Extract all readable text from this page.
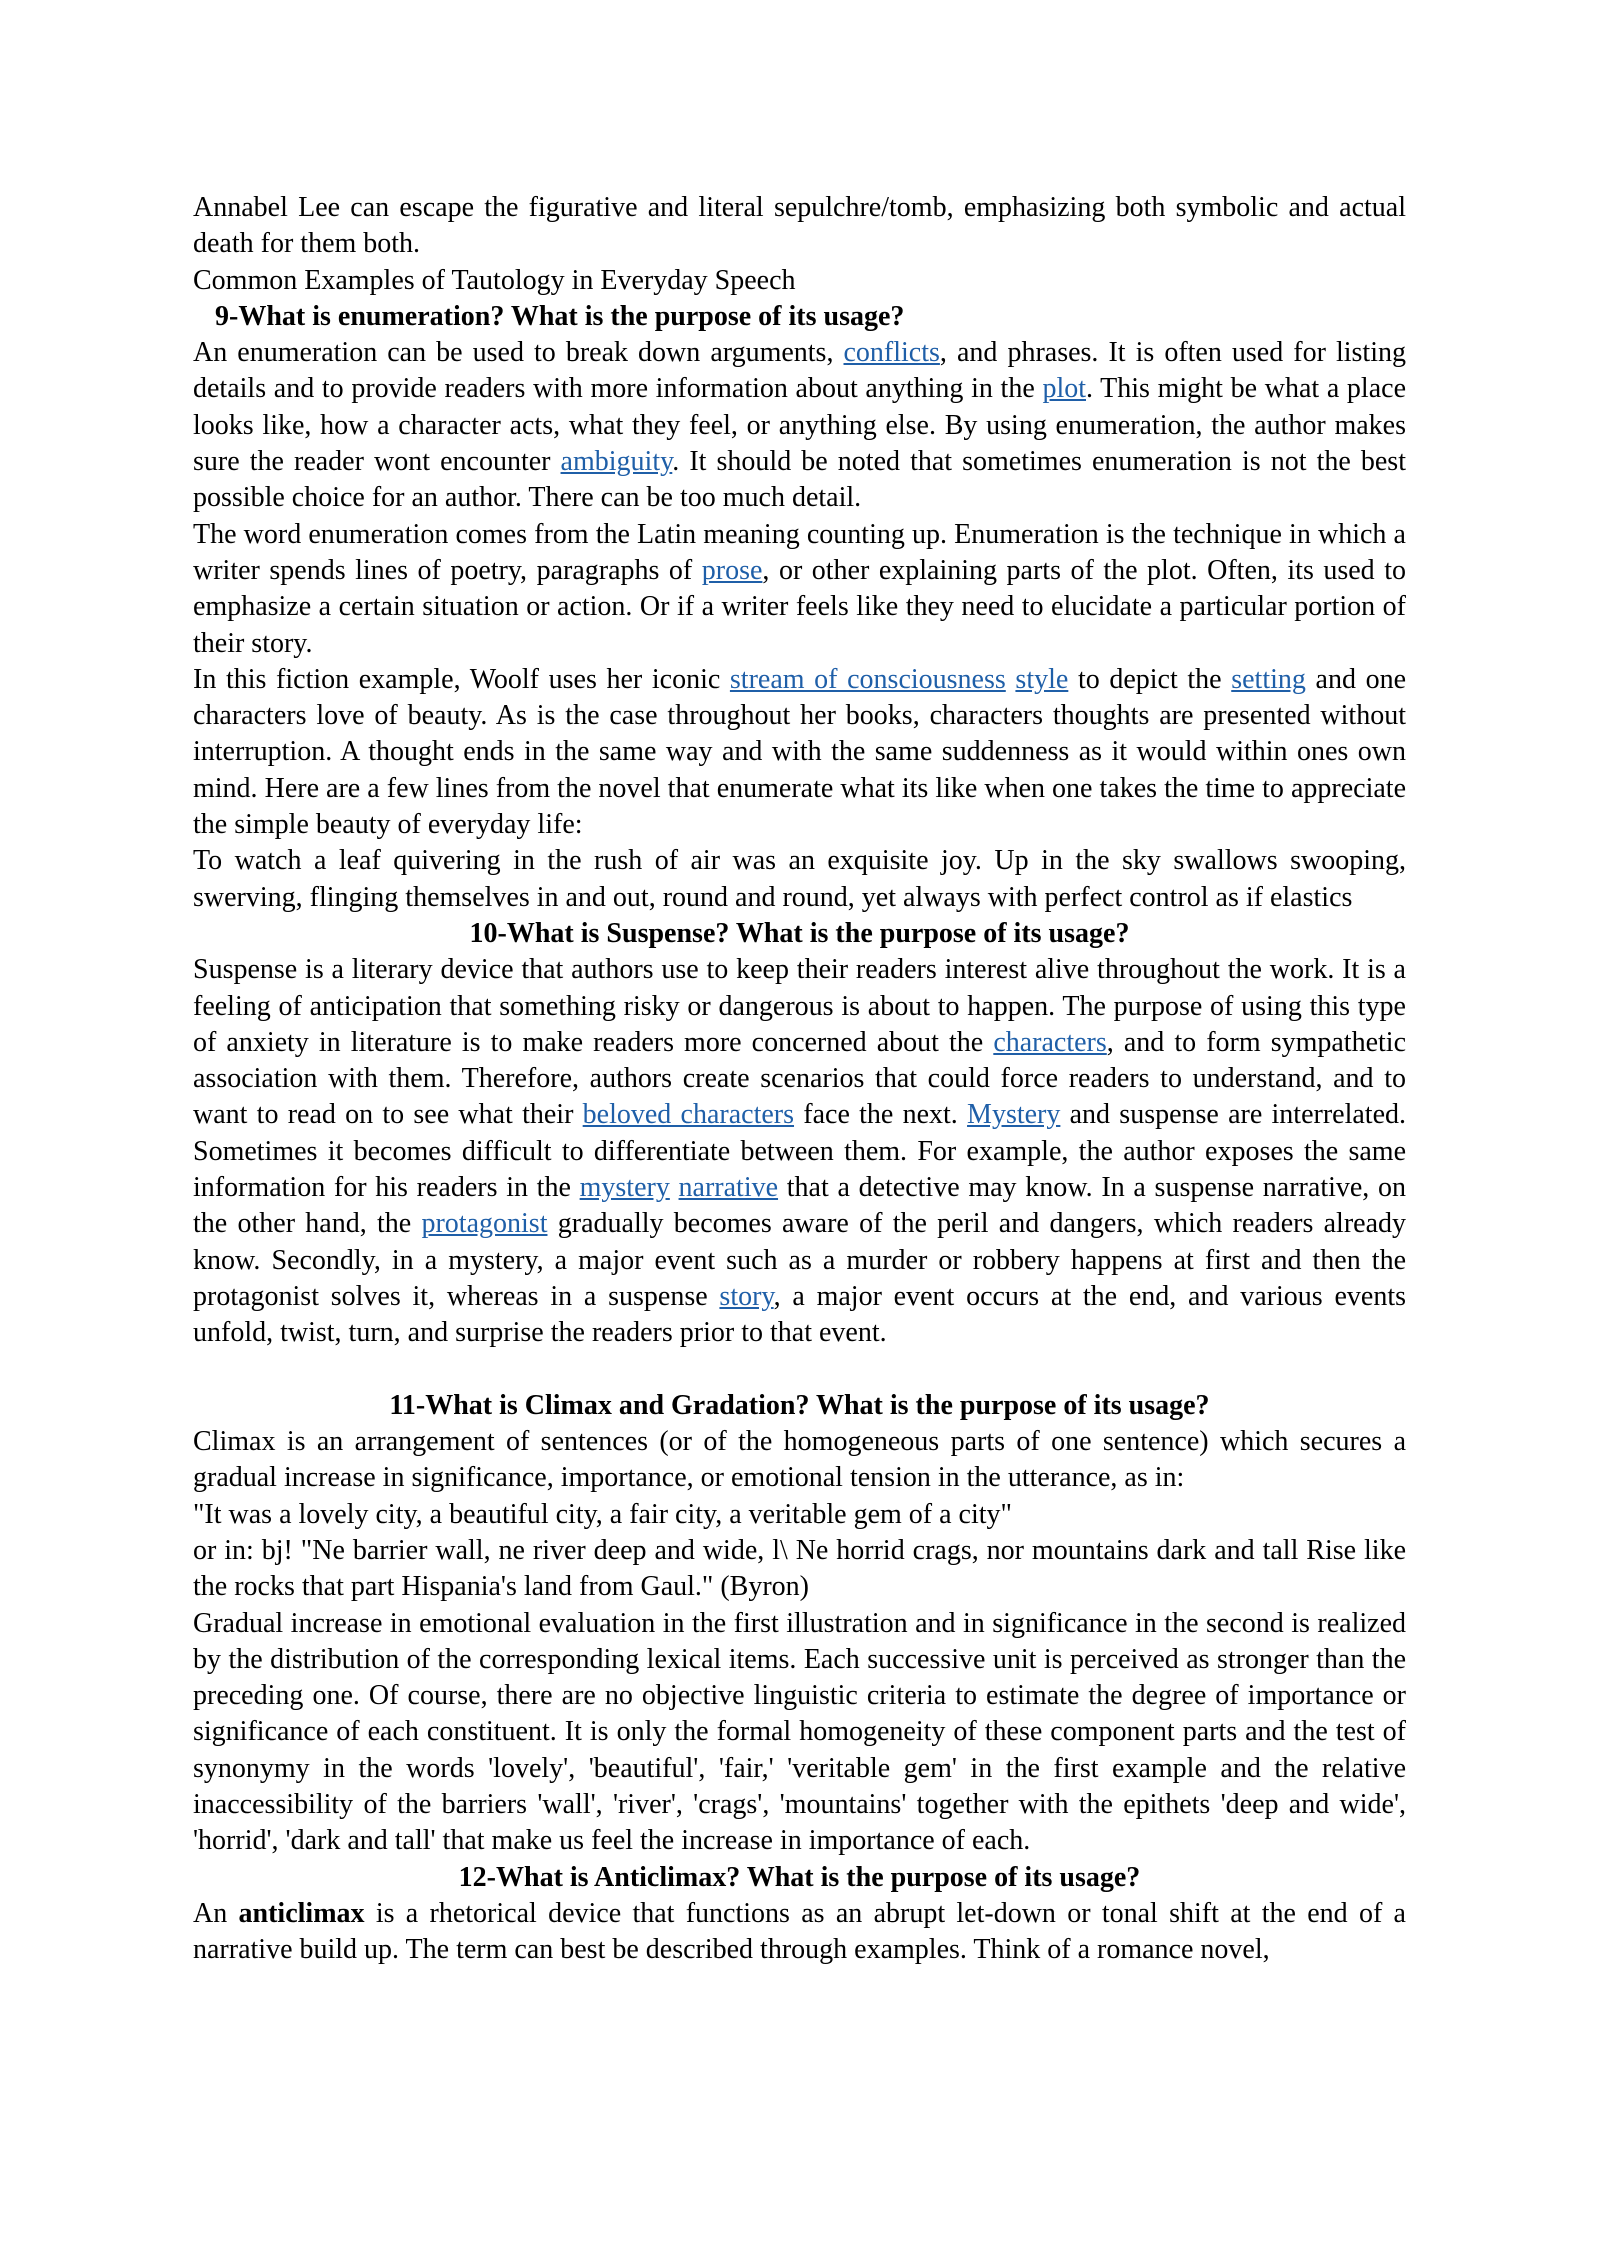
Annabel Lee can escape the figurative and literal sepulchre/tomb, emphasizing both symbolic and actual death for them both.

Common Examples of Tautology in Everyday Speech

9-What is enumeration? What is the purpose of its usage?

An enumeration can be used to break down arguments, conflicts, and phrases. It is often used for listing details and to provide readers with more information about anything in the plot. This might be what a place looks like, how a character acts, what they feel, or anything else. By using enumeration, the author makes sure the reader wont encounter ambiguity. It should be noted that sometimes enumeration is not the best possible choice for an author. There can be too much detail.

The word enumeration comes from the Latin meaning counting up. Enumeration is the technique in which a writer spends lines of poetry, paragraphs of prose, or other explaining parts of the plot. Often, its used to emphasize a certain situation or action. Or if a writer feels like they need to elucidate a particular portion of their story.

In this fiction example, Woolf uses her iconic stream of consciousness style to depict the setting and one characters love of beauty. As is the case throughout her books, characters thoughts are presented without interruption. A thought ends in the same way and with the same suddenness as it would within ones own mind. Here are a few lines from the novel that enumerate what its like when one takes the time to appreciate the simple beauty of everyday life:

To watch a leaf quivering in the rush of air was an exquisite joy. Up in the sky swallows swooping, swerving, flinging themselves in and out, round and round, yet always with perfect control as if elastics

10-What is Suspense? What is the purpose of its usage?

Suspense is a literary device that authors use to keep their readers interest alive throughout the work. It is a feeling of anticipation that something risky or dangerous is about to happen. The purpose of using this type of anxiety in literature is to make readers more concerned about the characters, and to form sympathetic association with them. Therefore, authors create scenarios that could force readers to understand, and to want to read on to see what their beloved characters face the next. Mystery and suspense are interrelated. Sometimes it becomes difficult to differentiate between them. For example, the author exposes the same information for his readers in the mystery narrative that a detective may know. In a suspense narrative, on the other hand, the protagonist gradually becomes aware of the peril and dangers, which readers already know. Secondly, in a mystery, a major event such as a murder or robbery happens at first and then the protagonist solves it, whereas in a suspense story, a major event occurs at the end, and various events unfold, twist, turn, and surprise the readers prior to that event.

11-What is Climax and Gradation? What is the purpose of its usage?

Climax is an arrangement of sentences (or of the homogeneous parts of one sentence) which secures a gradual increase in significance, importance, or emotional tension in the utterance, as in:

"It was a lovely city, a beautiful city, a fair city, a veritable gem of a city"

or in: bj! "Ne barrier wall, ne river deep and wide, l\ Ne horrid crags, nor mountains dark and tall Rise like the rocks that part Hispania's land from Gaul." (Byron)

Gradual increase in emotional evaluation in the first illustration and in significance in the second is realized by the distribution of the corresponding lexical items. Each successive unit is perceived as stronger than the preceding one. Of course, there are no objective linguistic criteria to estimate the degree of importance or significance of each constituent. It is only the formal homogeneity of these component parts and the test of synonymy in the words 'lovely', 'beautiful', 'fair,' 'veritable gem' in the first example and the relative inaccessibility of the barriers 'wall', 'river', 'crags', 'mountains' together with the epithets 'deep and wide', 'horrid', 'dark and tall' that make us feel the increase in importance of each.

12-What is Anticlimax? What is the purpose of its usage?

An anticlimax is a rhetorical device that functions as an abrupt let-down or tonal shift at the end of a narrative build up. The term can best be described through examples. Think of a romance novel,
